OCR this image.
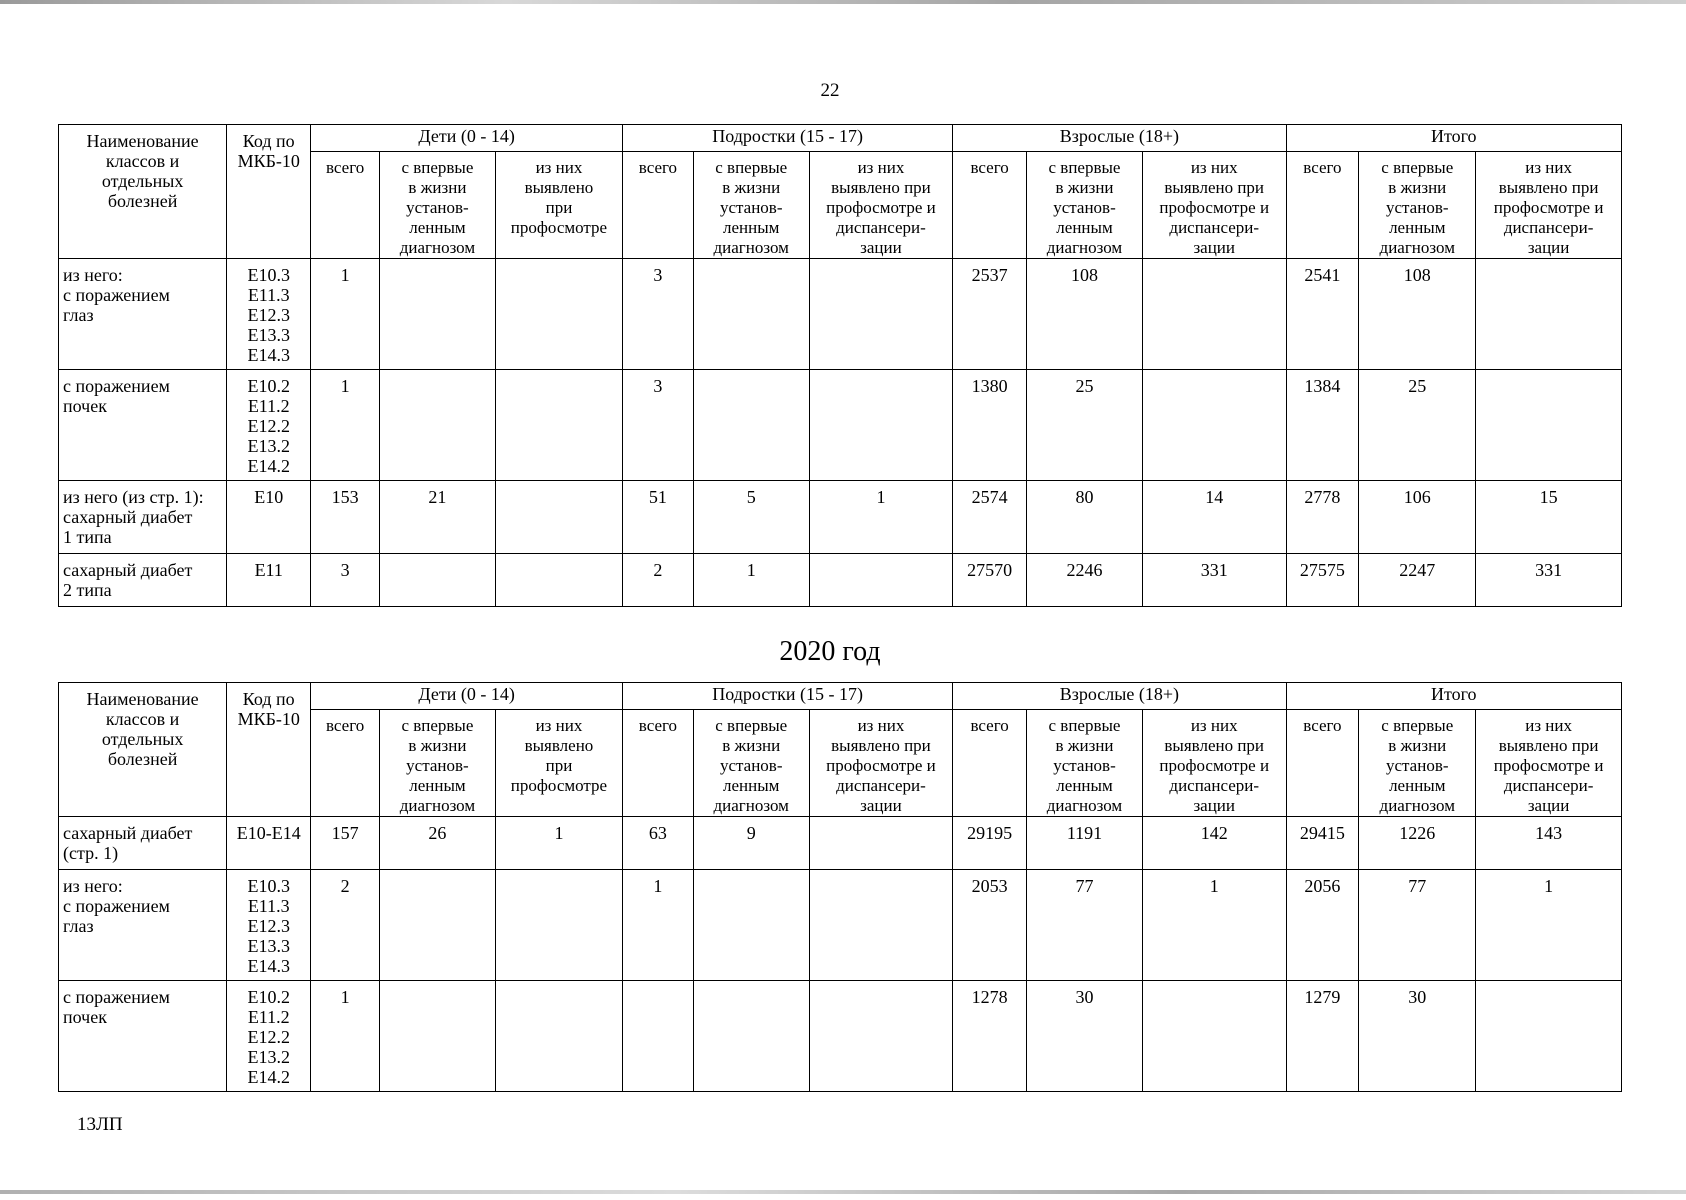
22
Наименование
классов и
отдельных
болезней	Код по
МКБ-10	Дети (0 - 14)			Подростки (15 - 17)			Взрослые (18+)			Итого		
		всего	с впервые
в жизни
установ-
ленным
диагнозом	из них
выявлено
при
профосмотре	всего	с впервые
в жизни
установ-
ленным
диагнозом	из них
выявлено при
профосмотре и
диспансери-
зации	всего	с впервые
в жизни
установ-
ленным
диагнозом	из них
выявлено при
профосмотре и
диспансери-
зации	всего	с впервые
в жизни
установ-
ленным
диагнозом	из них
выявлено при
профосмотре и
диспансери-
зации

из него:
с поражением
глаз	E10.3
E11.3
E12.3
E13.3
E14.3	1			3			2537	108		2541	108	

с поражением
почек	E10.2
E11.2
E12.2
E13.2
E14.2	1			3			1380	25		1384	25	

из него (из стр. 1):
сахарный диабет
1 типа	E10	153	21		51	5	1	2574	80	14	2778	106	15

сахарный диабет
2 типа	E11	3			2	1		27570	2246	331	27575	2247	331
2020 год
Наименование
классов и
отдельных
болезней	Код по
МКБ-10	Дети (0 - 14)			Подростки (15 - 17)			Взрослые (18+)			Итого		
		всего	с впервые
в жизни
установ-
ленным
диагнозом	из них
выявлено
при
профосмотре	всего	с впервые
в жизни
установ-
ленным
диагнозом	из них
выявлено при
профосмотре и
диспансери-
зации	всего	с впервые
в жизни
установ-
ленным
диагнозом	из них
выявлено при
профосмотре и
диспансери-
зации	всего	с впервые
в жизни
установ-
ленным
диагнозом	из них
выявлено при
профосмотре и
диспансери-
зации

сахарный диабет
(стр. 1)	E10-E14	157	26	1	63	9		29195	1191	142	29415	1226	143

из него:
с поражением
глаз	E10.3
E11.3
E12.3
E13.3
E14.3	2			1			2053	77	1	2056	77	1

с поражением
почек	E10.2
E11.2
E12.2
E13.2
E14.2	1						1278	30		1279	30	
13ЛП
